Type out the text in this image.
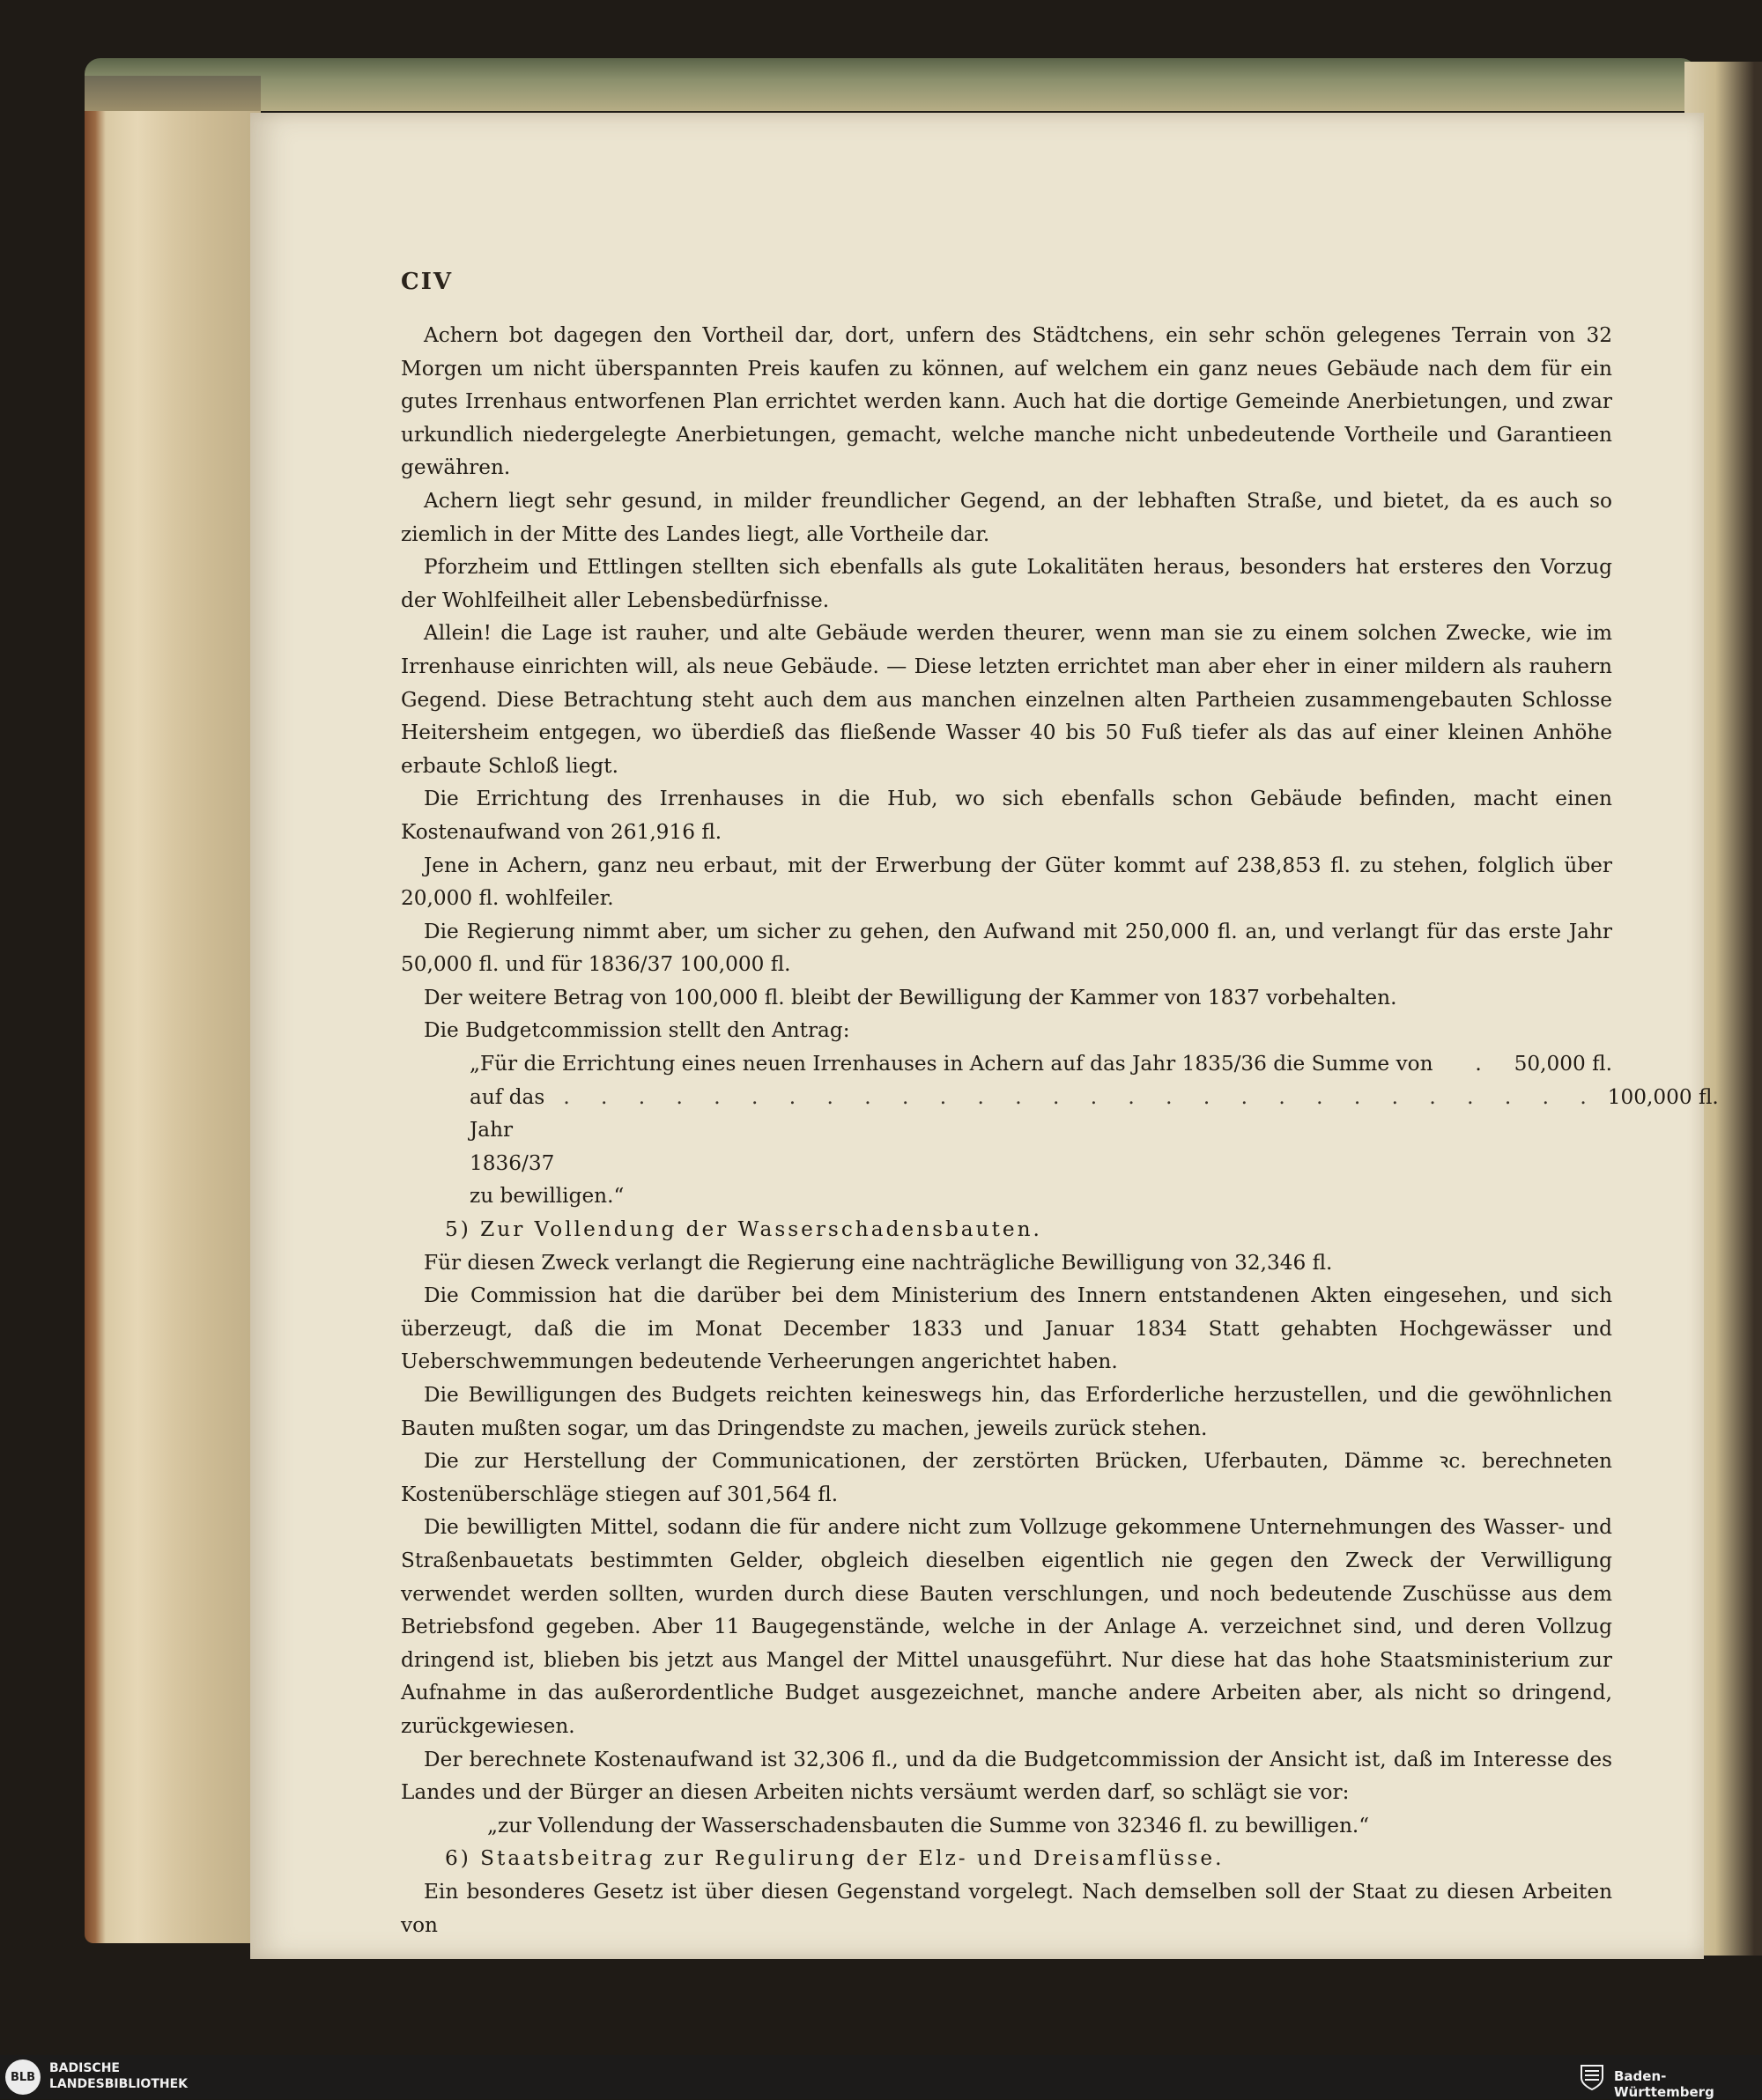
CIV

Achern bot dagegen den Vortheil dar, dort, unfern des Städtchens, ein sehr schön gelegenes Terrain von 32 Morgen um nicht überspannten Preis kaufen zu können, auf welchem ein ganz neues Gebäude nach dem für ein gutes Irrenhaus entworfenen Plan errichtet werden kann. Auch hat die dortige Gemeinde Anerbietungen, und zwar urkundlich niedergelegte Anerbietungen, gemacht, welche manche nicht unbedeutende Vortheile und Garantieen gewähren.

Achern liegt sehr gesund, in milder freundlicher Gegend, an der lebhaften Straße, und bietet, da es auch so ziemlich in der Mitte des Landes liegt, alle Vortheile dar.

Pforzheim und Ettlingen stellten sich ebenfalls als gute Lokalitäten heraus, besonders hat ersteres den Vorzug der Wohlfeilheit aller Lebensbedürfnisse.

Allein! die Lage ist rauher, und alte Gebäude werden theurer, wenn man sie zu einem solchen Zwecke, wie im Irrenhause einrichten will, als neue Gebäude. — Diese letzten errichtet man aber eher in einer mildern als rauhern Gegend. Diese Betrachtung steht auch dem aus manchen einzelnen alten Partheien zusammengebauten Schlosse Heitersheim entgegen, wo überdieß das fließende Wasser 40 bis 50 Fuß tiefer als das auf einer kleinen Anhöhe erbaute Schloß liegt.

Die Errichtung des Irrenhauses in die Hub, wo sich ebenfalls schon Gebäude befinden, macht einen Kostenaufwand von 261,916 fl.

Jene in Achern, ganz neu erbaut, mit der Erwerbung der Güter kommt auf 238,853 fl. zu stehen, folglich über 20,000 fl. wohlfeiler.

Die Regierung nimmt aber, um sicher zu gehen, den Aufwand mit 250,000 fl. an, und verlangt für das erste Jahr 50,000 fl. und für 1836/37 100,000 fl.

Der weitere Betrag von 100,000 fl. bleibt der Bewilligung der Kammer von 1837 vorbehalten.

Die Budgetcommission stellt den Antrag:

„Für die Errichtung eines neuen Irrenhauses in Achern auf das Jahr 1835/36 die Summe von . 50,000 fl.
auf das Jahr 1836/37
. . . . . . . . . . . . . . . . . . . . . . . . . . . . 100,000 fl.
zu bewilligen.“

5) Zur Vollendung der Wasserschadensbauten.

Für diesen Zweck verlangt die Regierung eine nachträgliche Bewilligung von 32,346 fl.

Die Commission hat die darüber bei dem Ministerium des Innern entstandenen Akten eingesehen, und sich überzeugt, daß die im Monat December 1833 und Januar 1834 Statt gehabten Hochgewässer und Ueberschwemmungen bedeutende Verheerungen angerichtet haben.

Die Bewilligungen des Budgets reichten keineswegs hin, das Erforderliche herzustellen, und die gewöhnlichen Bauten mußten sogar, um das Dringendste zu machen, jeweils zurück stehen.

Die zur Herstellung der Communicationen, der zerstörten Brücken, Uferbauten, Dämme ꝛc. berechneten Kostenüberschläge stiegen auf 301,564 fl.

Die bewilligten Mittel, sodann die für andere nicht zum Vollzuge gekommene Unternehmungen des Wasser- und Straßenbauetats bestimmten Gelder, obgleich dieselben eigentlich nie gegen den Zweck der Verwilligung verwendet werden sollten, wurden durch diese Bauten verschlungen, und noch bedeutende Zuschüsse aus dem Betriebsfond gegeben. Aber 11 Baugegenstände, welche in der Anlage A. verzeichnet sind, und deren Vollzug dringend ist, blieben bis jetzt aus Mangel der Mittel unausgeführt. Nur diese hat das hohe Staatsministerium zur Aufnahme in das außerordentliche Budget ausgezeichnet, manche andere Arbeiten aber, als nicht so dringend, zurückgewiesen.

Der berechnete Kostenaufwand ist 32,306 fl., und da die Budgetcommission der Ansicht ist, daß im Interesse des Landes und der Bürger an diesen Arbeiten nichts versäumt werden darf, so schlägt sie vor:

„zur Vollendung der Wasserschadensbauten die Summe von 32346 fl. zu bewilligen.“

6) Staatsbeitrag zur Regulirung der Elz- und Dreisamflüsse.

Ein besonderes Gesetz ist über diesen Gegenstand vorgelegt. Nach demselben soll der Staat zu diesen Arbeiten von

BLB
BADISCHE
LANDESBIBLIOTHEK	Baden-Württemberg
